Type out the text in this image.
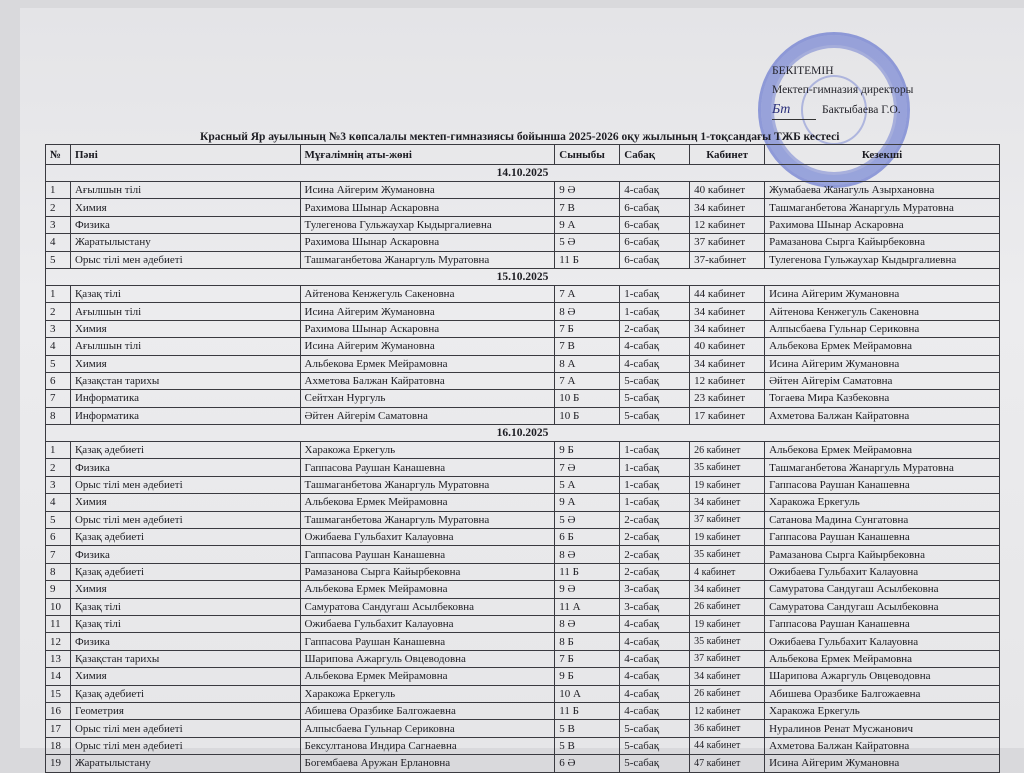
БЕКІТЕМІН
Мектеп-гимназия директоры
Бт	Бактыбаева Г.О.
Красный Яр ауылының №3 көпсалалы мектеп-гимназиясы бойынша 2025-2026 оқу жылының 1-тоқсандағы ТЖБ кестесі
№	Пәні	Мұғалімнің аты-жөні	Сыныбы	Сабақ	Кабинет	Кезекші
14.10.2025						
1	Ағылшын тілі	Исина Айгерим Жумановна	9 Ә	4-сабақ	40 кабинет	Жумабаева Жанагуль Азырхановна
2	Химия	Рахимова Шынар Аскаровна	7 В	6-сабақ	34 кабинет	Ташмаганбетова Жанаргуль Муратовна
3	Физика	Тулегенова Гульжаухар Кыдыргалиевна	9 А	6-сабақ	12 кабинет	Рахимова Шынар Аскаровна
4	Жаратылыстану	Рахимова Шынар Аскаровна	5 Ә	6-сабақ	37 кабинет	Рамазанова Сырга Кайырбековна
5	Орыс тілі мен әдебиеті	Ташмаганбетова Жанаргуль Муратовна	11 Б	6-сабақ	37-кабинет	Тулегенова Гульжаухар Кыдыргалиевна
15.10.2025						
1	Қазақ тілі	Айтенова Кенжегуль Сакеновна	7 А	1-сабақ	44 кабинет	Исина Айгерим Жумановна
2	Ағылшын тілі	Исина Айгерим Жумановна	8 Ә	1-сабақ	34 кабинет	Айтенова Кенжегуль Сакеновна
3	Химия	Рахимова Шынар Аскаровна	7 Б	2-сабақ	34 кабинет	Алпысбаева Гульнар Сериковна
4	Ағылшын тілі	Исина Айгерим Жумановна	7 В	4-сабақ	40 кабинет	Альбекова Ермек Мейрамовна
5	Химия	Альбекова Ермек Мейрамовна	8 А	4-сабақ	34 кабинет	Исина Айгерим Жумановна
6	Қазақстан тарихы	Ахметова Балжан Кайратовна	7 А	5-сабақ	12 кабинет	Әйтен Айгерім Саматовна
7	Информатика	Сейтхан Нургуль	10 Б	5-сабақ	23 кабинет	Тогаева Мира Казбековна
8	Информатика	Әйтен Айгерім Саматовна	10 Б	5-сабақ	17 кабинет	Ахметова Балжан Кайратовна
16.10.2025						
1	Қазақ әдебиеті	Харакожа Еркегуль	9 Б	1-сабақ	26 кабинет	Альбекова Ермек Мейрамовна
2	Физика	Гаппасова Раушан Канашевна	7 Ә	1-сабақ	35 кабинет	Ташмаганбетова Жанаргуль Муратовна
3	Орыс тілі мен әдебиеті	Ташмаганбетова Жанаргуль Муратовна	5 А	1-сабақ	19 кабинет	Гаппасова Раушан Канашевна
4	Химия	Альбекова Ермек Мейрамовна	9 А	1-сабақ	34 кабинет	Харакожа Еркегуль
5	Орыс тілі мен әдебиеті	Ташмаганбетова Жанаргуль Муратовна	5 Ә	2-сабақ	37 кабинет	Сатанова Мадина Сунгатовна
6	Қазақ әдебиеті	Ожибаева Гульбахит Калауовна	6 Б	2-сабақ	19 кабинет	Гаппасова Раушан Канашевна
7	Физика	Гаппасова Раушан Канашевна	8 Ә	2-сабақ	35 кабинет	Рамазанова Сырга Кайырбековна
8	Қазақ әдебиеті	Рамазанова Сырга Кайырбековна	11 Б	2-сабақ	4 кабинет	Ожибаева Гульбахит Калауовна
9	Химия	Альбекова Ермек Мейрамовна	9 Ә	3-сабақ	34 кабинет	Самуратова Сандугаш Асылбековна
10	Қазақ тілі	Самуратова Сандугаш Асылбековна	11 А	3-сабақ	26 кабинет	Самуратова Сандугаш Асылбековна
11	Қазақ тілі	Ожибаева Гульбахит Калауовна	8 Ә	4-сабақ	19 кабинет	Гаппасова Раушан Канашевна
12	Физика	Гаппасова Раушан Канашевна	8 Б	4-сабақ	35 кабинет	Ожибаева Гульбахит Калауовна
13	Қазақстан тарихы	Шарипова Ажаргуль Овцеводовна	7 Б	4-сабақ	37 кабинет	Альбекова Ермек Мейрамовна
14	Химия	Альбекова Ермек Мейрамовна	9 Б	4-сабақ	34 кабинет	Шарипова Ажаргуль Овцеводовна
15	Қазақ әдебиеті	Харакожа Еркегуль	10 А	4-сабақ	26 кабинет	Абишева Оразбике Балгожаевна
16	Геометрия	Абишева Оразбике Балгожаевна	11 Б	4-сабақ	12 кабинет	Харакожа Еркегуль
17	Орыс тілі мен әдебиеті	Алпысбаева Гульнар Сериковна	5 В	5-сабақ	36 кабинет	Нуралинов Ренат Мусжанович
18	Орыс тілі мен әдебиеті	Бексултанова Индира Сагнаевна	5 В	5-сабақ	44 кабинет	Ахметова Балжан Кайратовна
19	Жаратылыстану	Богембаева Аружан Ерлановна	6 Ә	5-сабақ	47 кабинет	Исина Айгерим Жумановна
